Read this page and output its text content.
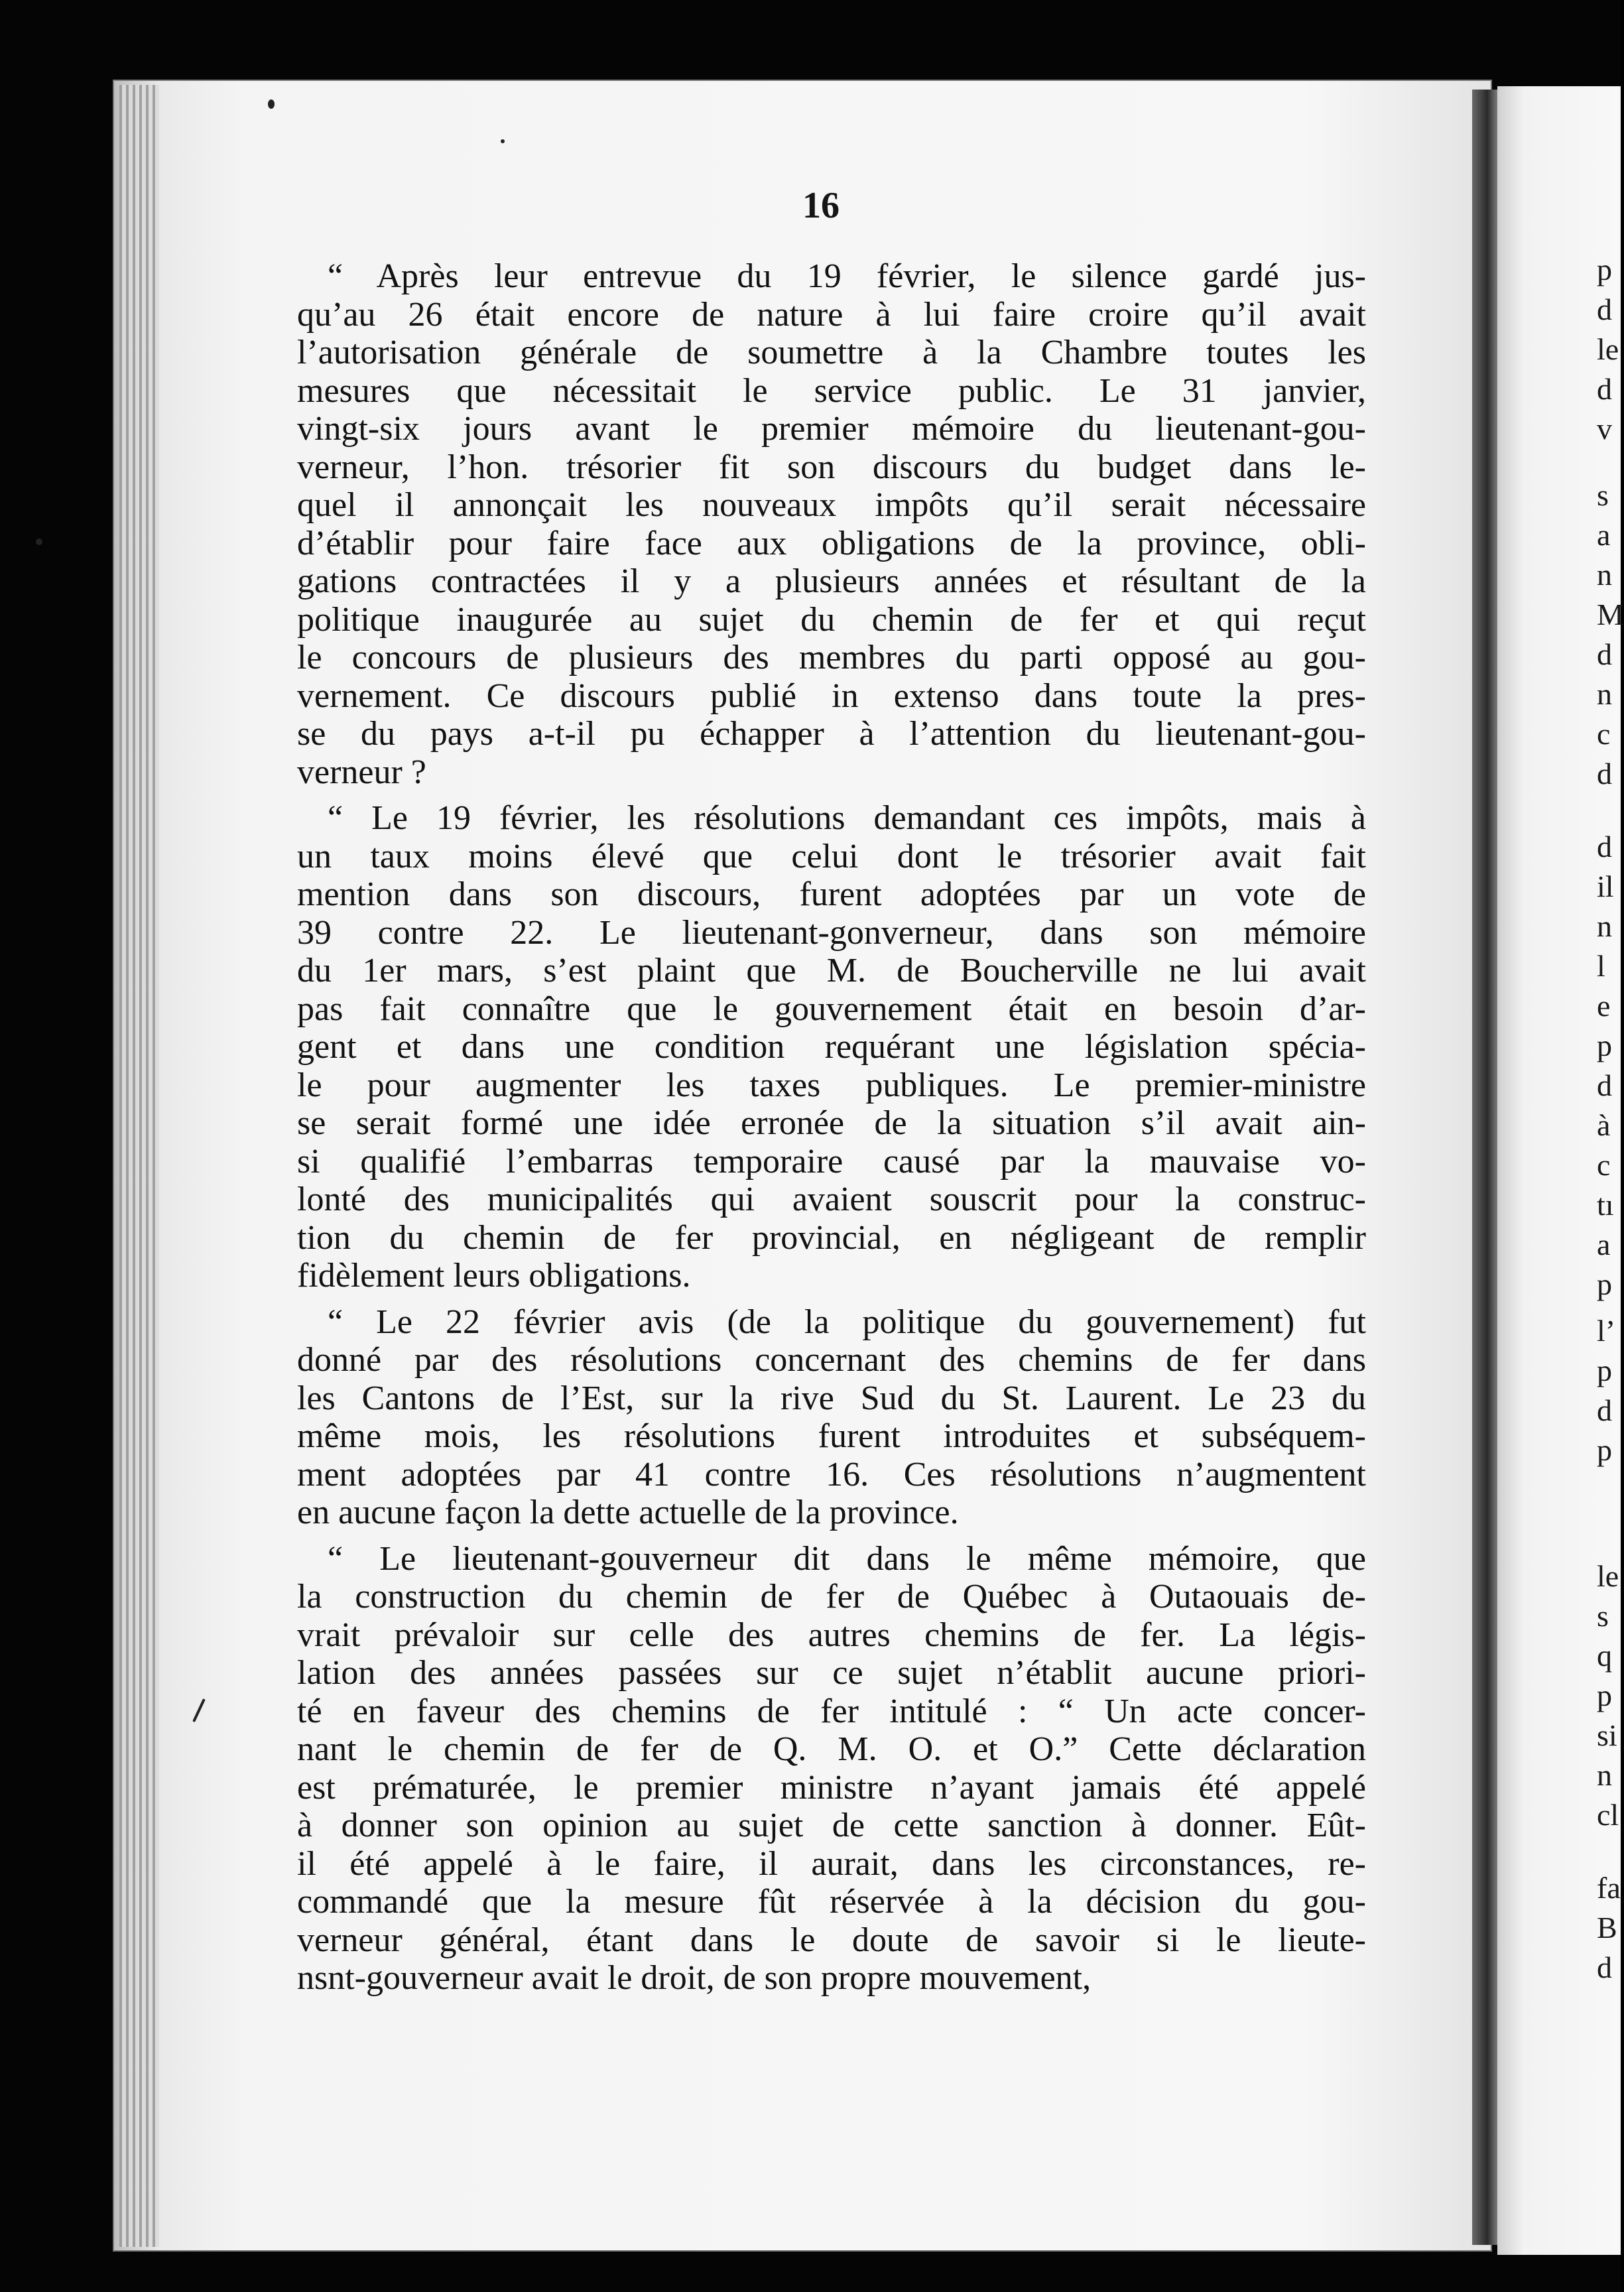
p
d
le
d
v
s
a
n
M
d
n
c
d
d
il
n
l
e
p
d
à
c
tı
a
p
l’
p
d
p
le
s
q
p
si
n
cl
fa
B
d
16
“ Après leur entrevue du 19 février, le silence gardé jus-
qu’au 26 était encore de nature à lui faire croire qu’il avait
l’autorisation générale de soumettre à la Chambre toutes les
mesures que nécessitait le service public. Le 31 janvier,
vingt-six jours avant le premier mémoire du lieutenant-gou-
verneur, l’hon. trésorier fit son discours du budget dans le-
quel il annonçait les nouveaux impôts qu’il serait nécessaire
d’établir pour faire face aux obligations de la province, obli-
gations contractées il y a plusieurs années et résultant de la
politique inaugurée au sujet du chemin de fer et qui reçut
le concours de plusieurs des membres du parti opposé au gou-
vernement. Ce discours publié in extenso dans toute la pres-
se du pays a-t-il pu échapper à l’attention du lieutenant-gou-
verneur ?
“ Le 19 février, les résolutions demandant ces impôts, mais à
un taux moins élevé que celui dont le trésorier avait fait
mention dans son discours, furent adoptées par un vote de
39 contre 22. Le lieutenant-gonverneur, dans son mémoire
du 1er mars, s’est plaint que M. de Boucherville ne lui avait
pas fait connaître que le gouvernement était en besoin d’ar-
gent et dans une condition requérant une législation spécia-
le pour augmenter les taxes publiques. Le premier-ministre
se serait formé une idée erronée de la situation s’il avait ain-
si qualifié l’embarras temporaire causé par la mauvaise vo-
lonté des municipalités qui avaient souscrit pour la construc-
tion du chemin de fer provincial, en négligeant de remplir
fidèlement leurs obligations.
“ Le 22 février avis (de la politique du gouvernement) fut
donné par des résolutions concernant des chemins de fer dans
les Cantons de l’Est, sur la rive Sud du St. Laurent. Le 23 du
même mois, les résolutions furent introduites et subséquem-
ment adoptées par 41 contre 16. Ces résolutions n’augmentent
en aucune façon la dette actuelle de la province.
“ Le lieutenant-gouverneur dit dans le même mémoire, que
la construction du chemin de fer de Québec à Outaouais de-
vrait prévaloir sur celle des autres chemins de fer. La légis-
lation des années passées sur ce sujet n’établit aucune priori-
té en faveur des chemins de fer intitulé : “ Un acte concer-
nant le chemin de fer de Q. M. O. et O.” Cette déclaration
est prématurée, le premier ministre n’ayant jamais été appelé
à donner son opinion au sujet de cette sanction à donner. Eût-
il été appelé à le faire, il aurait, dans les circonstances, re-
commandé que la mesure fût réservée à la décision du gou-
verneur général, étant dans le doute de savoir si le lieute-
nsnt-gouverneur avait le droit, de son propre mouvement,
